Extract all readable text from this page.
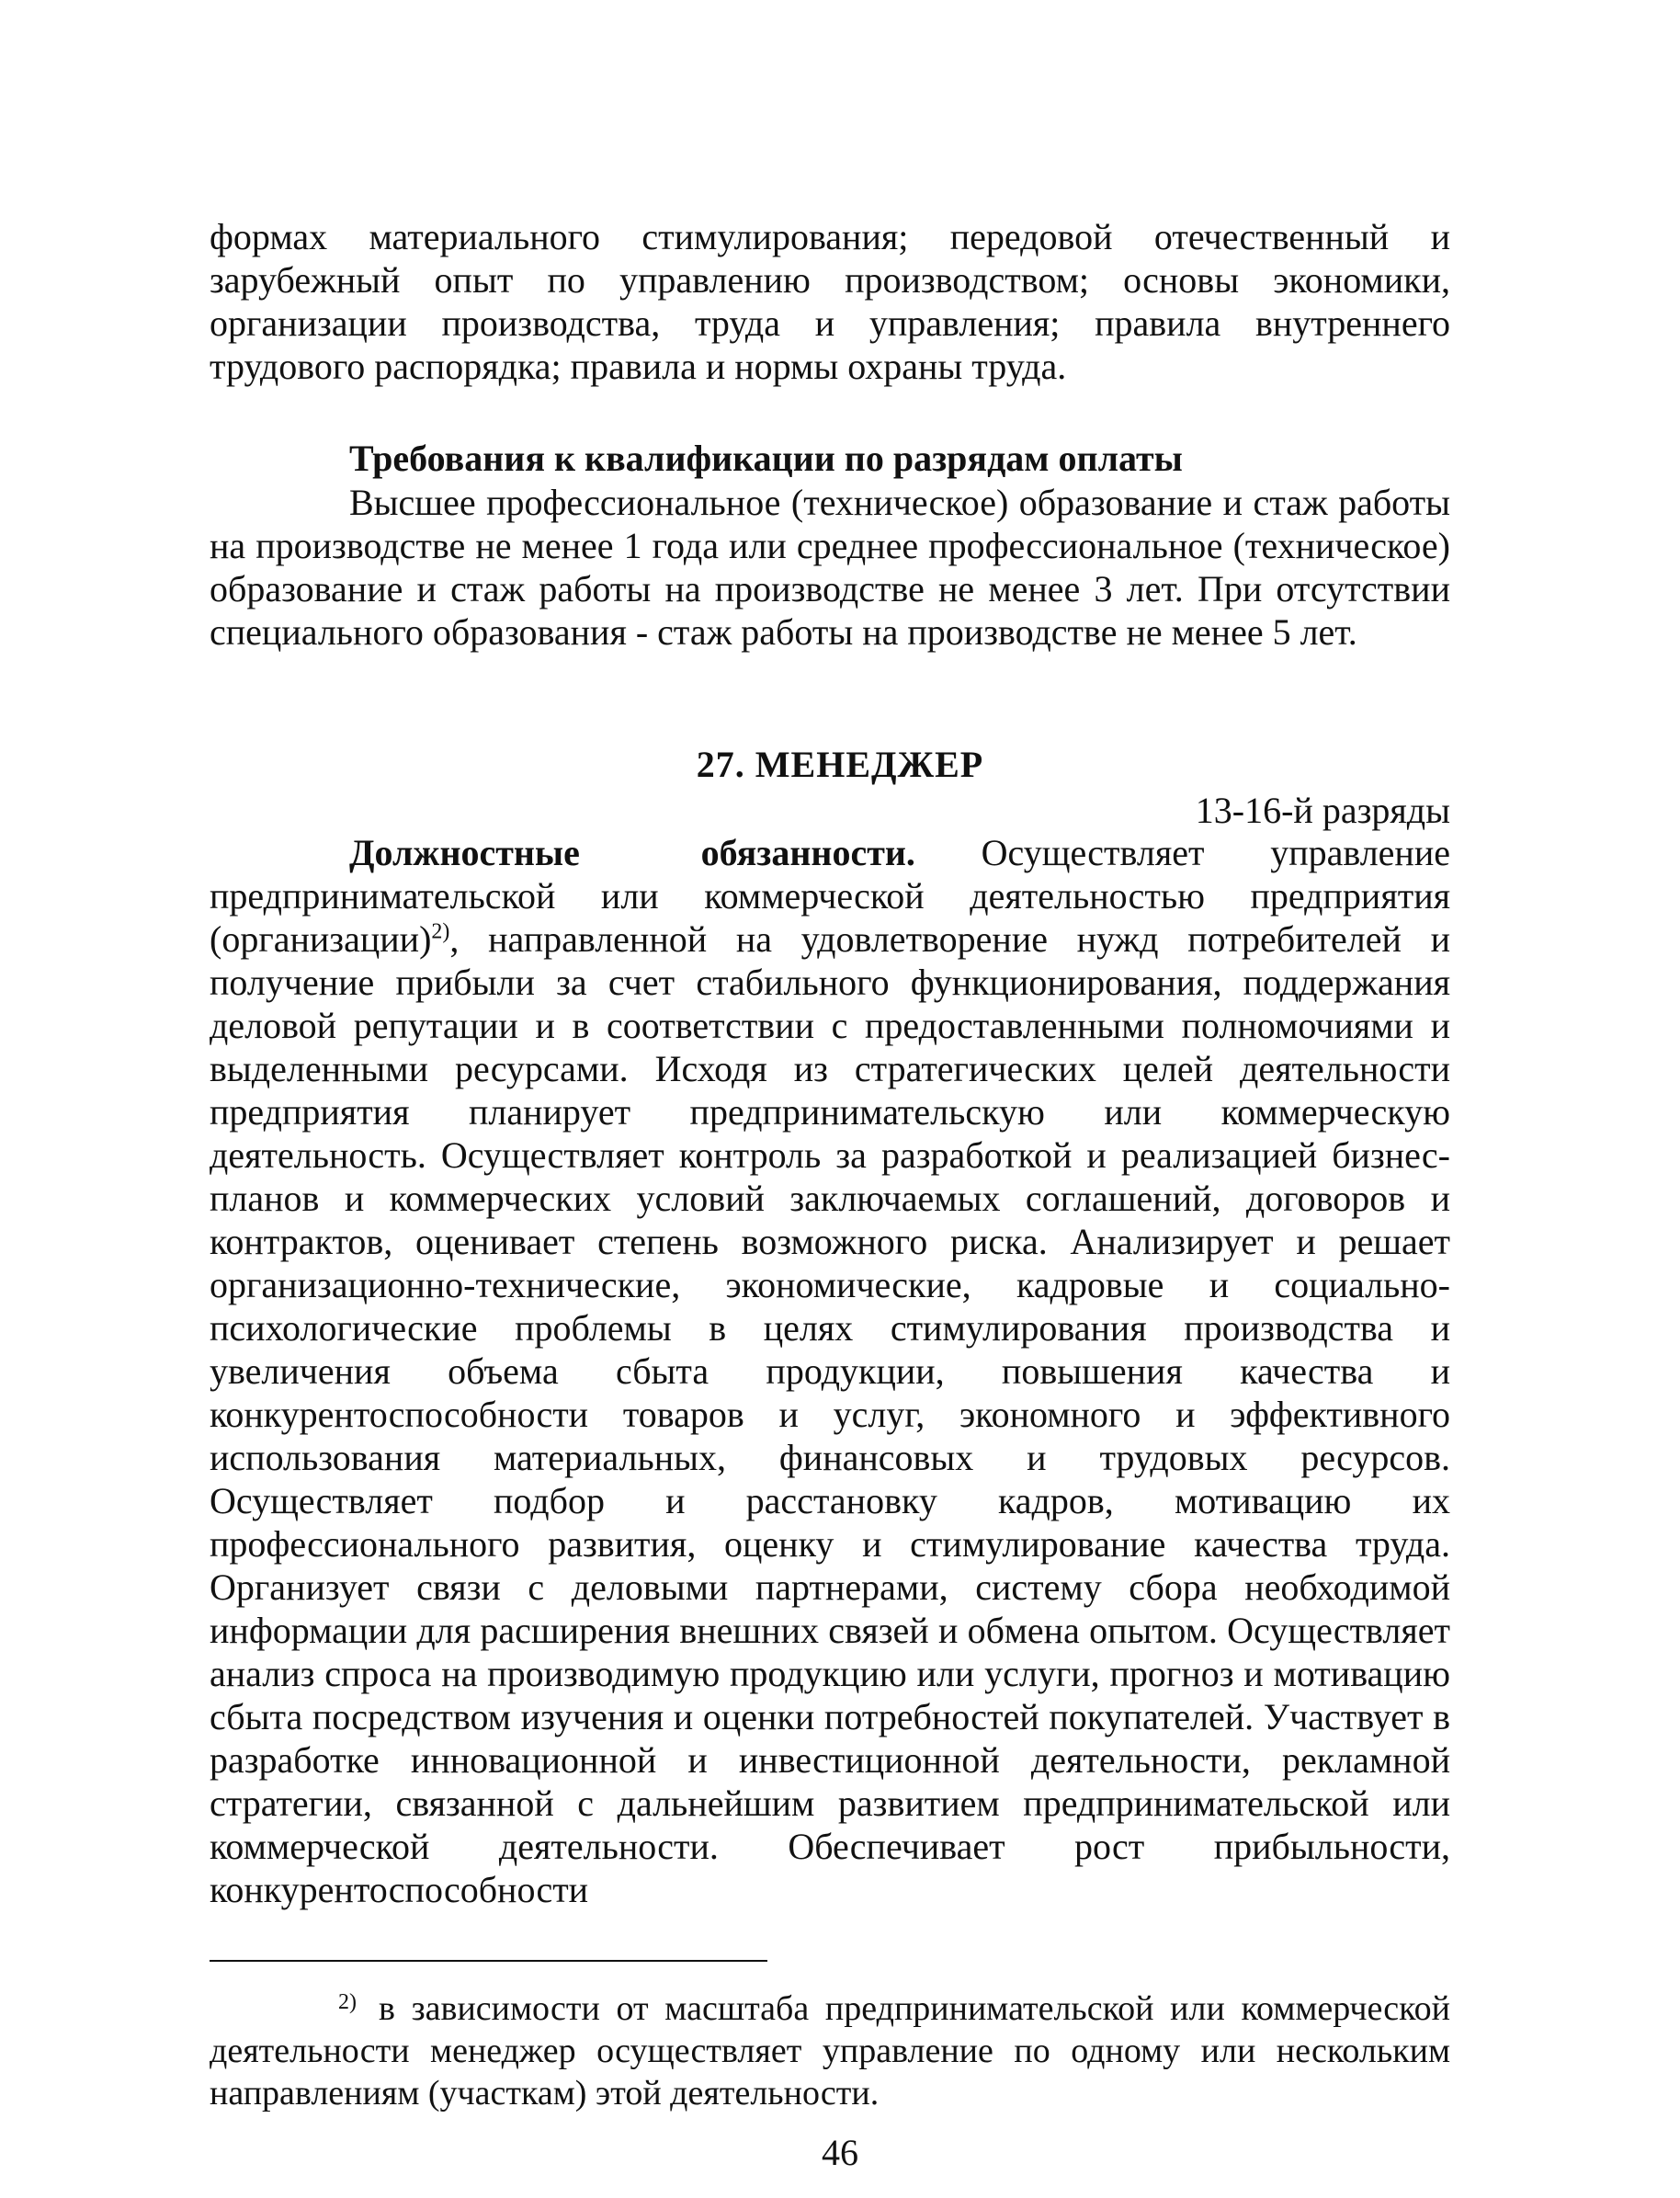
формах материального стимулирования; передовой отечественный и зарубежный опыт по управлению производством; основы экономики, организации производства, труда и управления; правила внутреннего трудового распорядка; правила и нормы охраны труда.

Требования к квалификации по разрядам оплаты

Высшее профессиональное (техническое) образование и стаж работы на производстве не менее 1 года или среднее профессиональное (техническое) образование и стаж работы на производстве не менее 3 лет. При отсутствии специального образования - стаж работы на производстве не менее 5 лет.

27. МЕНЕДЖЕР
13-16-й разряды

Должностные обязанности. Осуществляет управление предпринимательской или коммерческой деятельностью предприятия (организации)$^{2)}$, направленной на удовлетворение нужд потребителей и получение прибыли за счет стабильного функционирования, поддержания деловой репутации и в соответствии с предоставленными полномочиями и выделенными ресурсами. Исходя из стратегических целей деятельности предприятия планирует предпринимательскую или коммерческую деятельность. Осуществляет контроль за разработкой и реализацией бизнес-планов и коммерческих условий заключаемых соглашений, договоров и контрактов, оценивает степень возможного риска. Анализирует и решает организационно-технические, экономические, кадровые и социально-психологические проблемы в целях стимулирования производства и увеличения объема сбыта продукции, повышения качества и конкурентоспособности товаров и услуг, экономного и эффективного использования материальных, финансовых и трудовых ресурсов. Осуществляет подбор и расстановку кадров, мотивацию их профессионального развития, оценку и стимулирование качества труда. Организует связи с деловыми партнерами, систему сбора необходимой информации для расширения внешних связей и обмена опытом. Осуществляет анализ спроса на производимую продукцию или услуги, прогноз и мотивацию сбыта посредством изучения и оценки потребностей покупателей. Участвует в разработке инновационной и инвестиционной деятельности, рекламной стратегии, связанной с дальнейшим развитием предпринимательской или коммерческой деятельности. Обеспечивает рост прибыльности, конкурентоспособности

2) в зависимости от масштаба предпринимательской или коммерческой деятельности менеджер осуществляет управление по одному или нескольким направлениям (участкам) этой деятельности.

46
